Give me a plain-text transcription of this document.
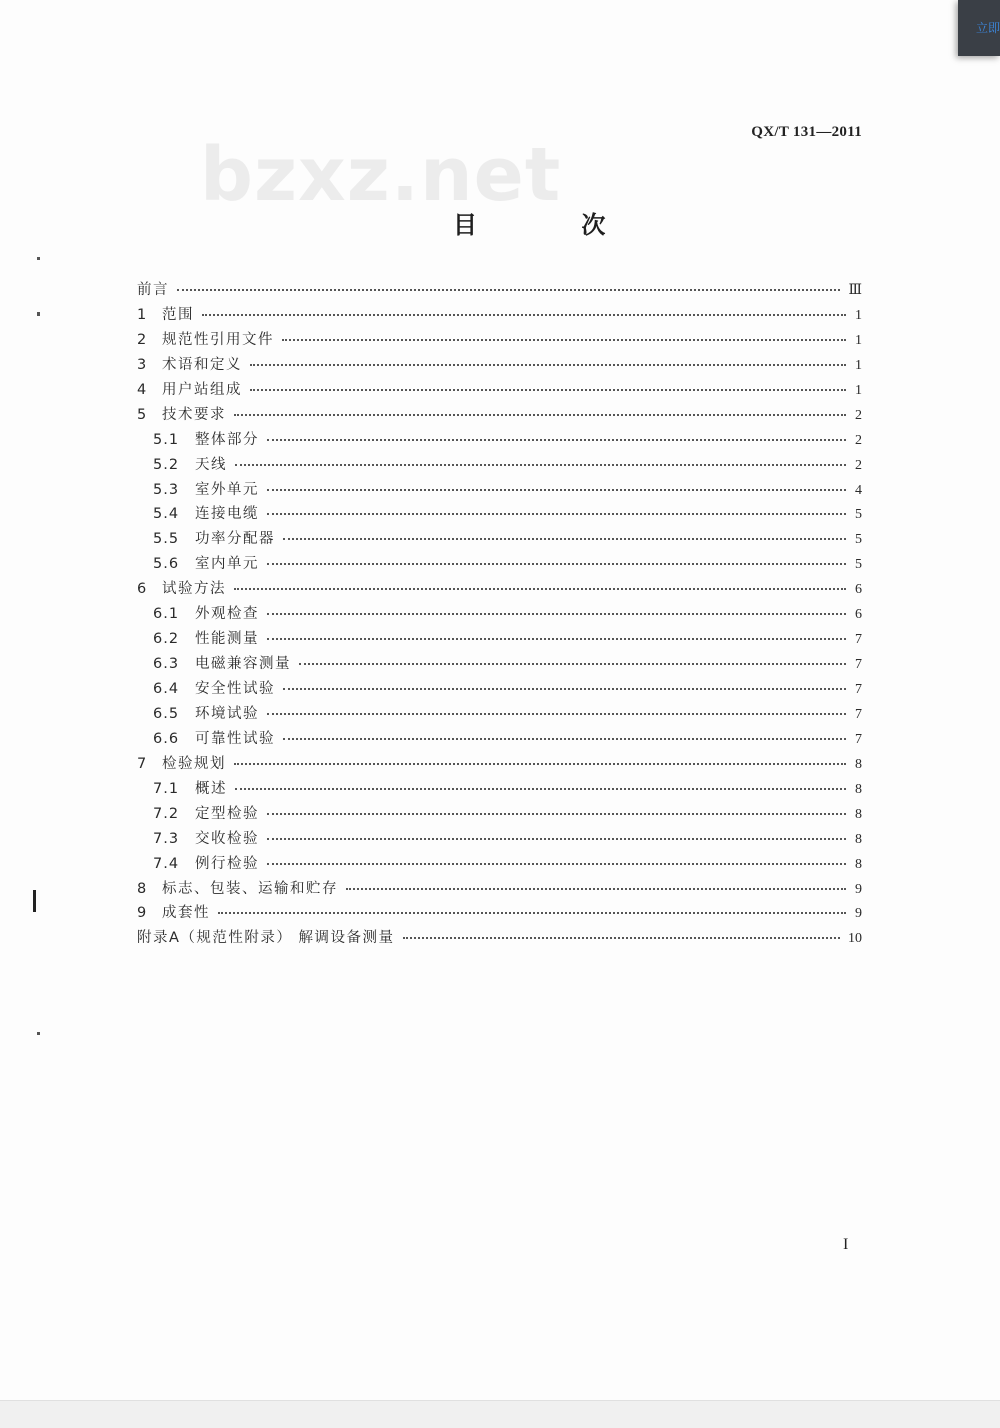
bzxz.net	QX/T 131—2011
目 次
前言	Ⅲ
1	范围	1
2	规范性引用文件	1
3	术语和定义	1
4	用户站组成	1
5	技术要求	2
5.1	整体部分	2
5.2	天线	2
5.3	室外单元	4
5.4	连接电缆	5
5.5	功率分配器	5
5.6	室内单元	5
6	试验方法	6
6.1	外观检查	6
6.2	性能测量	7
6.3	电磁兼容测量	7
6.4	安全性试验	7
6.5	环境试验	7
6.6	可靠性试验	7
7	检验规划	8
7.1	概述	8
7.2	定型检验	8
7.3	交收检验	8
7.4	例行检验	8
8	标志、包装、运输和贮存	9
9	成套性	9
附录A（规范性附录） 解调设备测量	10
I
立即
